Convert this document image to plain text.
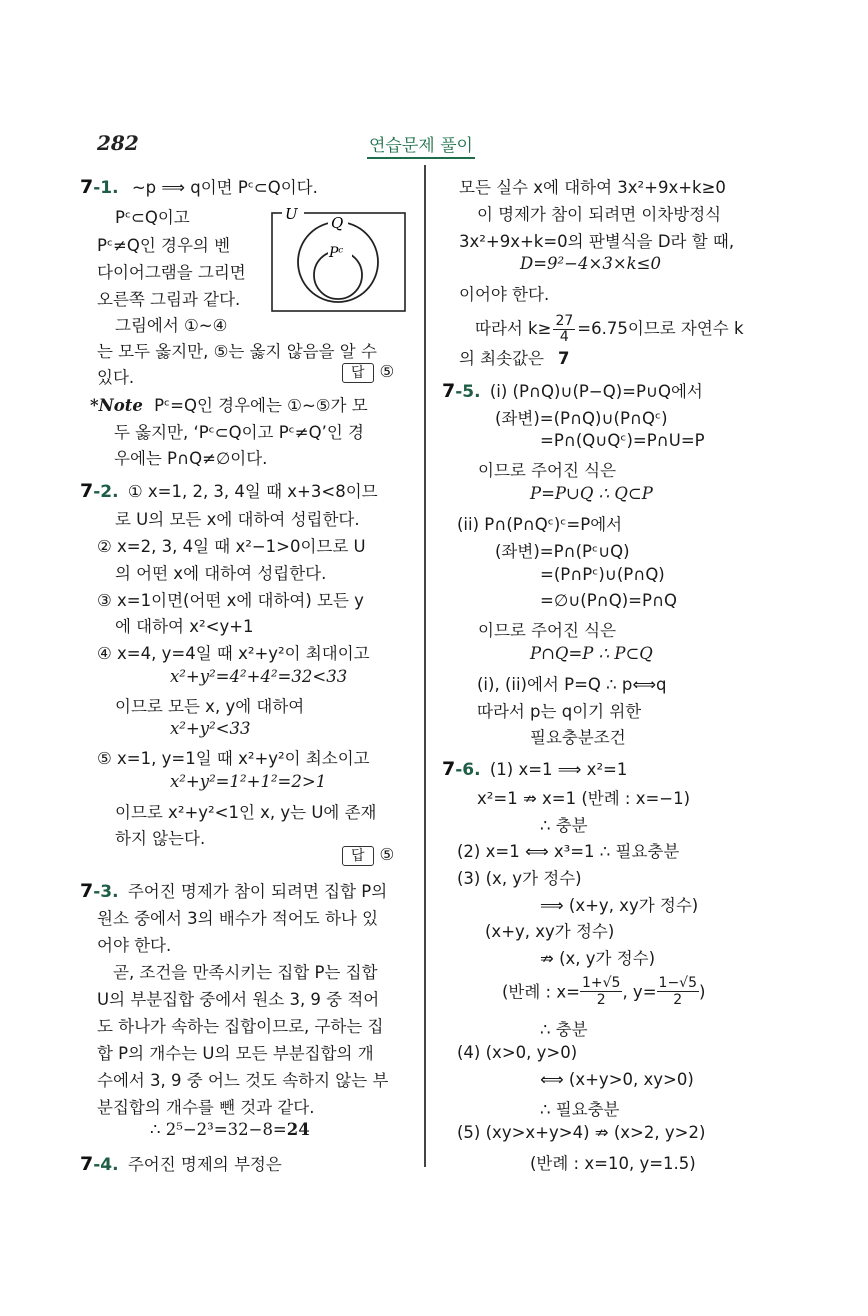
282	연습문제 풀이
7-1. ~p ⟹ q이면 Pᶜ⊂Q이다.
Pᶜ⊂Q이고
Pᶜ≠Q인 경우의 벤
다이어그램을 그리면
오른쪽 그림과 같다.
그림에서 ①~④
는 모두 옳지만, ⑤는 옳지 않음을 알 수
있다.	답 ⑤
U Q
Pᶜ
*Note Pᶜ=Q인 경우에는 ①~⑤가 모
두 옳지만, ‘Pᶜ⊂Q이고 Pᶜ≠Q’인 경
우에는 P∩Q≠∅이다.
7-2. ① x=1, 2, 3, 4일 때 x+3<8이므
로 U의 모든 x에 대하여 성립한다.
② x=2, 3, 4일 때 x²−1>0이므로 U
의 어떤 x에 대하여 성립한다.
③ x=1이면(어떤 x에 대하여) 모든 y
에 대하여 x²<y+1
④ x=4, y=4일 때 x²+y²이 최대이고
x²+y²=4²+4²=32<33
이므로 모든 x, y에 대하여
x²+y²<33
⑤ x=1, y=1일 때 x²+y²이 최소이고
x²+y²=1²+1²=2>1
이므로 x²+y²<1인 x, y는 U에 존재
하지 않는다.
답 ⑤
7-3. 주어진 명제가 참이 되려면 집합 P의
원소 중에서 3의 배수가 적어도 하나 있
어야 한다.
곧, 조건을 만족시키는 집합 P는 집합
U의 부분집합 중에서 원소 3, 9 중 적어
도 하나가 속하는 집합이므로, 구하는 집
합 P의 개수는 U의 모든 부분집합의 개
수에서 3, 9 중 어느 것도 속하지 않는 부
분집합의 개수를 뺀 것과 같다.
∴ 2⁵−2³=32−8=24
7-4. 주어진 명제의 부정은
모든 실수 x에 대하여 3x²+9x+k≥0
이 명제가 참이 되려면 이차방정식
3x²+9x+k=0의 판별식을 D라 할 때,
D=9²−4×3×k≤0
이어야 한다.
따라서 $k\ge \frac{27}{4} =6.75$이므로 자연수 k
의 최솟값은 7
7-5. (i) (P∩Q)∪(P−Q)=P∪Q에서
(좌변)=(P∩Q)∪(P∩Qᶜ)
=P∩(Q∪Qᶜ)=P∩U=P
이므로 주어진 식은
P=P∪Q ∴ Q⊂P
(ii) P∩(P∩Qᶜ)ᶜ=P에서
(좌변)=P∩(Pᶜ∪Q)
=(P∩Pᶜ)∪(P∩Q)
=∅∪(P∩Q)=P∩Q
이므로 주어진 식은
P∩Q=P ∴ P⊂Q
(i), (ii)에서 P=Q ∴ p⟺q
따라서 p는 q이기 위한
필요충분조건
7-6. (1) x=1 ⟹ x²=1
x²=1 ⇏ x=1 (반례 : x=−1)
∴ 충분
(2) x=1 ⟺ x³=1 ∴ 필요충분
(3) (x, y가 정수)
⟹ (x+y, xy가 정수)
(x+y, xy가 정수)
⇏ (x, y가 정수)
(반례 : $x= \frac{1+√5}{2}$ , $y= \frac{1-√5}{2}$ )
∴ 충분
(4) (x>0, y>0)
⟺ (x+y>0, xy>0)
∴ 필요충분
(5) (xy>x+y>4) ⇏ (x>2, y>2)
(반례 : x=10, y=1.5)
